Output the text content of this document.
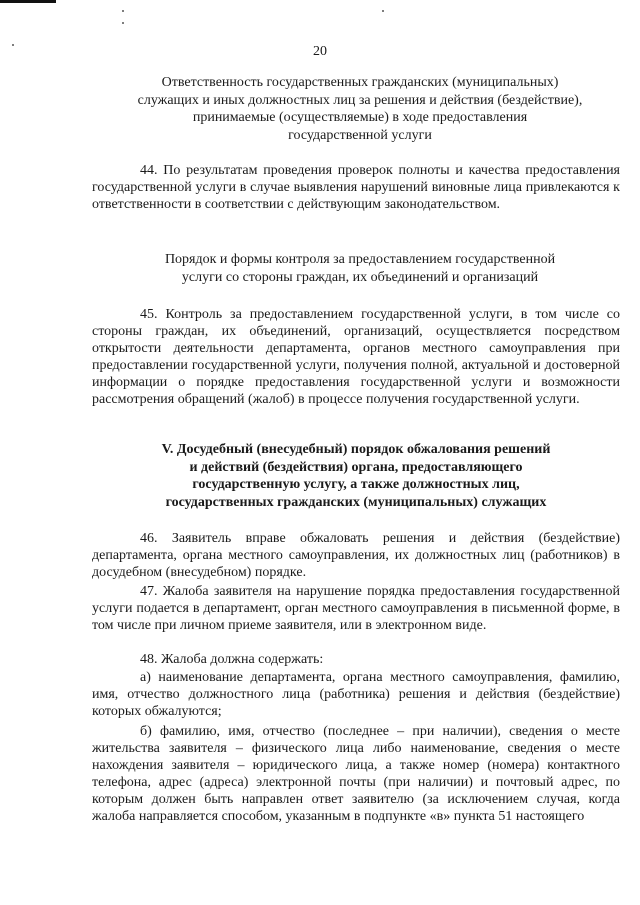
20
Ответственность государственных гражданских (муниципальных)
служащих и иных должностных лиц за решения и действия (бездействие),
принимаемые (осуществляемые) в ходе предоставления
государственной услуги
44. По результатам проведения проверок полноты и качества предоставления государственной услуги в случае выявления нарушений виновные лица привлекаются к ответственности в соответствии с действующим законодательством.
Порядок и формы контроля за предоставлением государственной
услуги со стороны граждан, их объединений и организаций
45. Контроль за предоставлением государственной услуги, в том числе со стороны граждан, их объединений, организаций, осуществляется посредством открытости деятельности департамента, органов местного самоуправления при предоставлении государственной услуги, получения полной, актуальной и достоверной информации о порядке предоставления государственной услуги и возможности рассмотрения обращений (жалоб) в процессе получения государственной услуги.
V. Досудебный (внесудебный) порядок обжалования решений
и действий (бездействия) органа, предоставляющего
государственную услугу, а также должностных лиц,
государственных гражданских (муниципальных) служащих
46. Заявитель вправе обжаловать решения и действия (бездействие) департамента, органа местного самоуправления, их должностных лиц (работников) в досудебном (внесудебном) порядке.
47. Жалоба заявителя на нарушение порядка предоставления государственной услуги подается в департамент, орган местного самоуправления в письменной форме, в том числе при личном приеме заявителя, или в электронном виде.
48. Жалоба должна содержать:
а) наименование департамента, органа местного самоуправления, фамилию, имя, отчество должностного лица (работника) решения и действия (бездействие) которых обжалуются;
б) фамилию, имя, отчество (последнее – при наличии), сведения о месте жительства заявителя – физического лица либо наименование, сведения о месте нахождения заявителя – юридического лица, а также номер (номера) контактного телефона, адрес (адреса) электронной почты (при наличии) и почтовый адрес, по которым должен быть направлен ответ заявителю (за исключением случая, когда жалоба направляется способом, указанным в подпункте «в» пункта 51 настоящего
